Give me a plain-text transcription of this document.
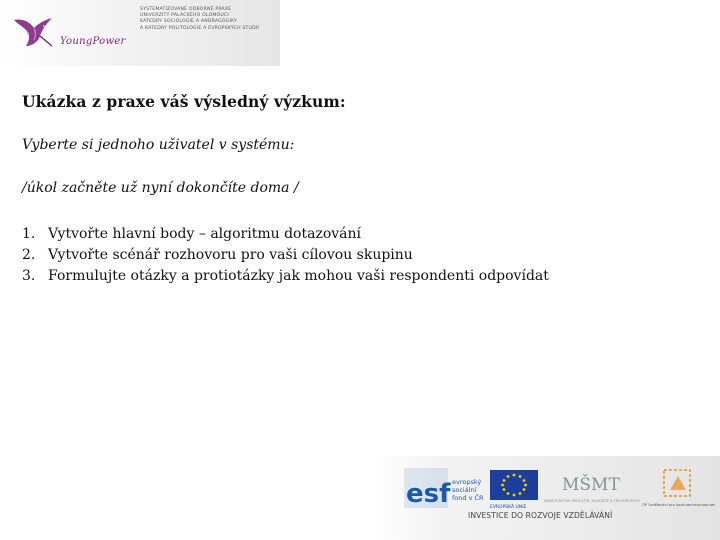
YoungPower
SYSTEMATIZOVANÉ ODBORNÉ PRAXE
UNIVERZITY PALACKÉHO OLOMOUCI
KATEDRY SOCIOLOGIE A ANDRAGOGIKY
A KATEDRY POLITOLOGIE A EVROPSKÝCH STUDIÍ
Ukázka z praxe váš výsledný výzkum:

Vyberte si jednoho uživatel v systému:

/úkol začněte už nyní dokončíte doma /

1. Vytvořte hlavní body – algoritmu dotazování
2. Vytvořte scénář rozhovoru pro vaši cílovou skupinu
3. Formulujte otázky a protiotázky jak mohou vaši respondenti odpovídat
esf evropský
sociální
fond v ČR
EVROPSKÁ UNIE
MŠMT
MINISTERSTVO ŠKOLSTVÍ, MLÁDEŽE A TĚLOVÝCHOVY
OP Vzdělávání pro konkurenceschopnost
INVESTICE DO ROZVOJE VZDĚLÁVÁNÍ
